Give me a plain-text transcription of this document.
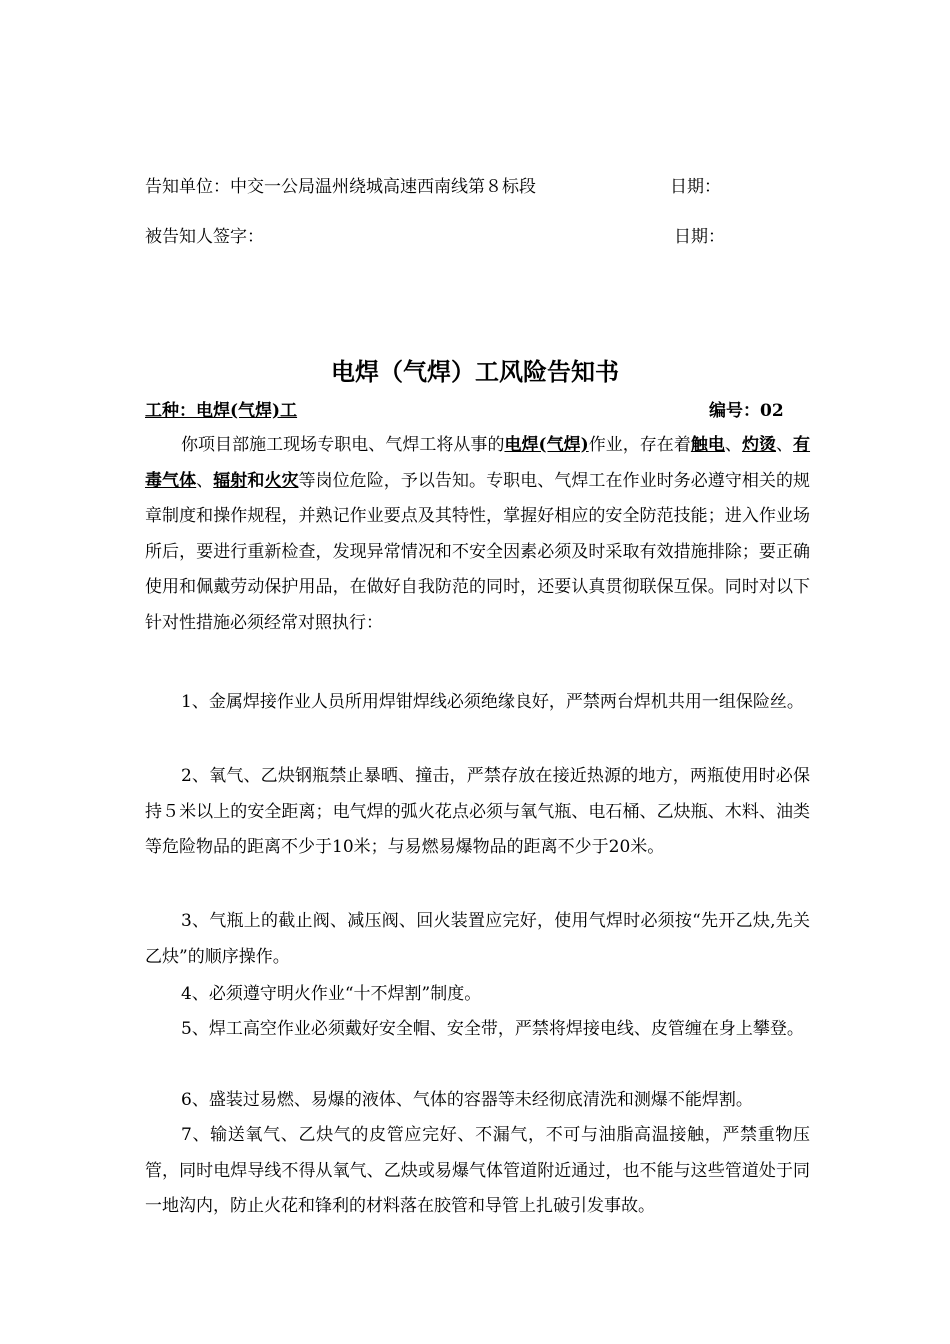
告知单位：中交一公局温州绕城高速西南线第８标段	日期：
被告知人签字：	日期：
电焊（气焊）工风险告知书
工种：电焊(气焊)工	编号：02
你项目部施工现场专职电、气焊工将从事的电焊(气焊)作业，存在着触电、灼烫、有毒气体、辐射和火灾等岗位危险，予以告知。专职电、气焊工在作业时务必遵守相关的规章制度和操作规程，并熟记作业要点及其特性，掌握好相应的安全防范技能；进入作业场所后，要进行重新检查，发现异常情况和不安全因素必须及时采取有效措施排除；要正确使用和佩戴劳动保护用品，在做好自我防范的同时，还要认真贯彻联保互保。同时对以下针对性措施必须经常对照执行：
1、金属焊接作业人员所用焊钳焊线必须绝缘良好，严禁两台焊机共用一组保险丝。
2、氧气、乙炔钢瓶禁止暴晒、撞击，严禁存放在接近热源的地方，两瓶使用时必保持５米以上的安全距离；电气焊的弧火花点必须与氧气瓶、电石桶、乙炔瓶、木料、油类等危险物品的距离不少于10米；与易燃易爆物品的距离不少于20米。
3、气瓶上的截止阀、减压阀、回火装置应完好，使用气焊时必须按“先开乙炔,先关乙炔”的顺序操作。
4、必须遵守明火作业“十不焊割”制度。
5、焊工高空作业必须戴好安全帽、安全带，严禁将焊接电线、皮管缠在身上攀登。
6、盛装过易燃、易爆的液体、气体的容器等未经彻底清洗和测爆不能焊割。
7、输送氧气、乙炔气的皮管应完好、不漏气，不可与油脂高温接触，严禁重物压管，同时电焊导线不得从氧气、乙炔或易爆气体管道附近通过，也不能与这些管道处于同一地沟内，防止火花和锋利的材料落在胶管和导管上扎破引发事故。
